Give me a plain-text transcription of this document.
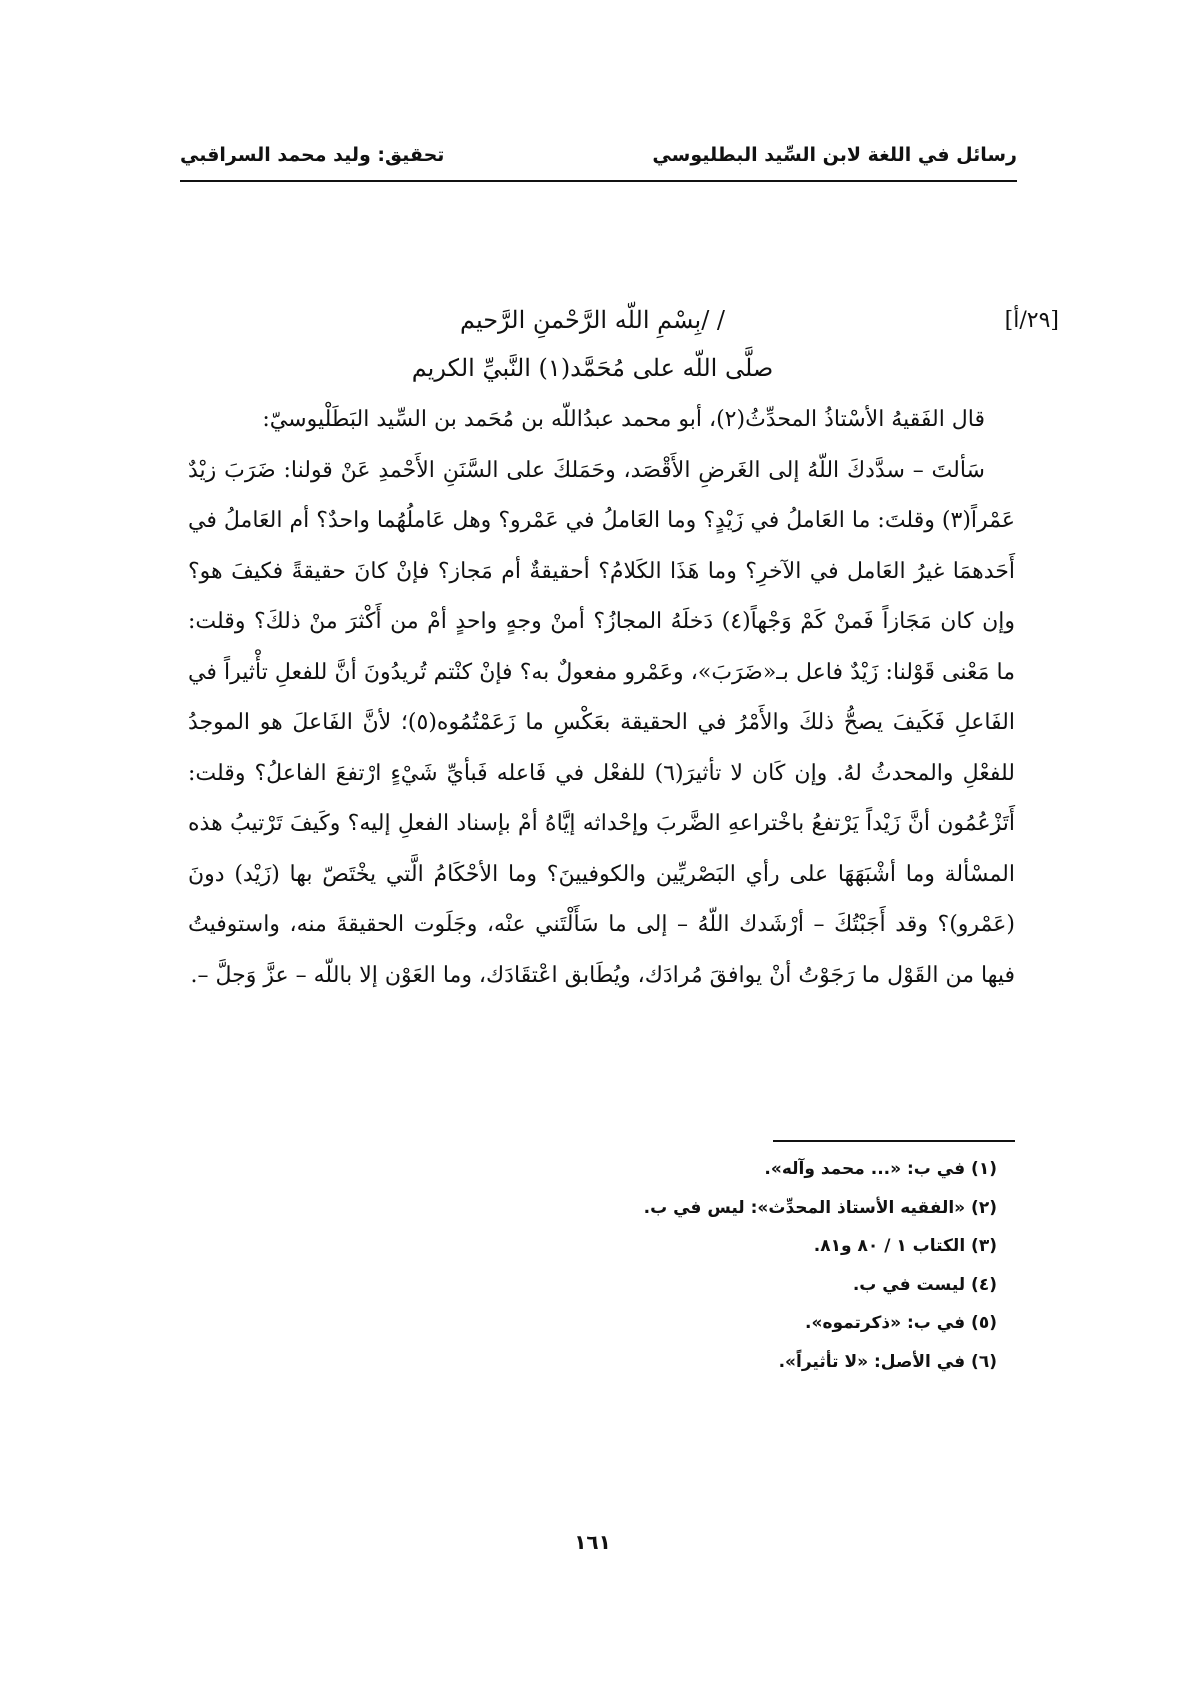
رسائل في اللغة لابن السِّيد البطليوسي
تحقيق: وليد محمد السراقبي
[٢٩/أ]
/ /بِسْمِ اللّه الرَّحْمنِ الرَّحيم
صلَّى اللّه على مُحَمَّد(١) النَّبيِّ الكريم

قال الفَقيهُ الأسْتاذُ المحدِّثُ(٢)، أبو محمد عبدُاللّه بن مُحَمد بن السِّيد البَطَلْيوسيّ:

سَألتَ – سدَّدكَ اللّهُ إلى الغَرضِ الأَقْصَد، وحَمَلكَ على السَّنَنِ الأَحْمدِ عَنْ قولنا: ضَرَبَ زيْدٌ عَمْراً(٣) وقلتَ: ما العَاملُ في زَيْدٍ؟ وما العَاملُ في عَمْرو؟ وهل عَاملُهُما واحدٌ؟ أم العَاملُ في أَحَدهمَا غيرُ العَامل في الآخرِ؟ وما هَذَا الكَلامُ؟ أحقيقةٌ أم مَجاز؟ فإنْ كانَ حقيقةً فكيفَ هو؟ وإن كان مَجَازاً فَمنْ كَمْ وَجْهاً(٤) دَخلَهُ المجازُ؟ أمنْ وجهٍ واحدٍ أمْ من أَكْثرَ منْ ذلكَ؟ وقلت: ما مَعْنى قَوْلنا: زَيْدٌ فاعل بـ«ضَرَبَ»، وعَمْرو مفعولٌ به؟ فإنْ كنْتم تُريدُونَ أنَّ للفعلِ تأْثيراً في الفَاعلِ فَكَيفَ يصحُّ ذلكَ والأَمْرُ في الحقيقة بعَكْسِ ما زَعَمْتُمُوه(٥)؛ لأنَّ الفَاعلَ هو الموجدُ للفعْلِ والمحدثُ لهُ. وإن كَان لا تأثيرَ(٦) للفعْل في فَاعله فَبأيِّ شَيْءٍ ارْتفعَ الفاعلُ؟ وقلت: أَتَزْعُمُون أنَّ زَيْداً يَرْتفعُ باخْتراعهِ الضَّربَ وإحْداثه إيَّاهُ أمْ بإسناد الفعلِ إليه؟ وكَيفَ تَرْتيبُ هذه المسْألة وما أشْبَهَهَا على رأي البَصْريِّين والكوفيينَ؟ وما الأحْكَامُ الَّتي يخْتَصّ بها (زَيْد) دونَ (عَمْرو)؟ وقد أَجَبْتُكَ – أرْشَدك اللّهُ – إلى ما سَأَلْتَني عنْه، وجَلَوت الحقيقةَ منه، واستوفيتُ فيها من القَوْل ما رَجَوْتُ أنْ يوافقَ مُرادَك، ويُطَابق اعْتقَادَك، وما العَوْن إلا باللّه – عزَّ وَجلَّ –.

(١) في ب: «... محمد وآله».
(٢) «الفقيه الأستاذ المحدِّث»: ليس في ب.
(٣) الكتاب ١ / ٨٠ و٨١.
(٤) ليست في ب.
(٥) في ب: «ذكرتموه».
(٦) في الأصل: «لا تأثيراً».
١٦١
